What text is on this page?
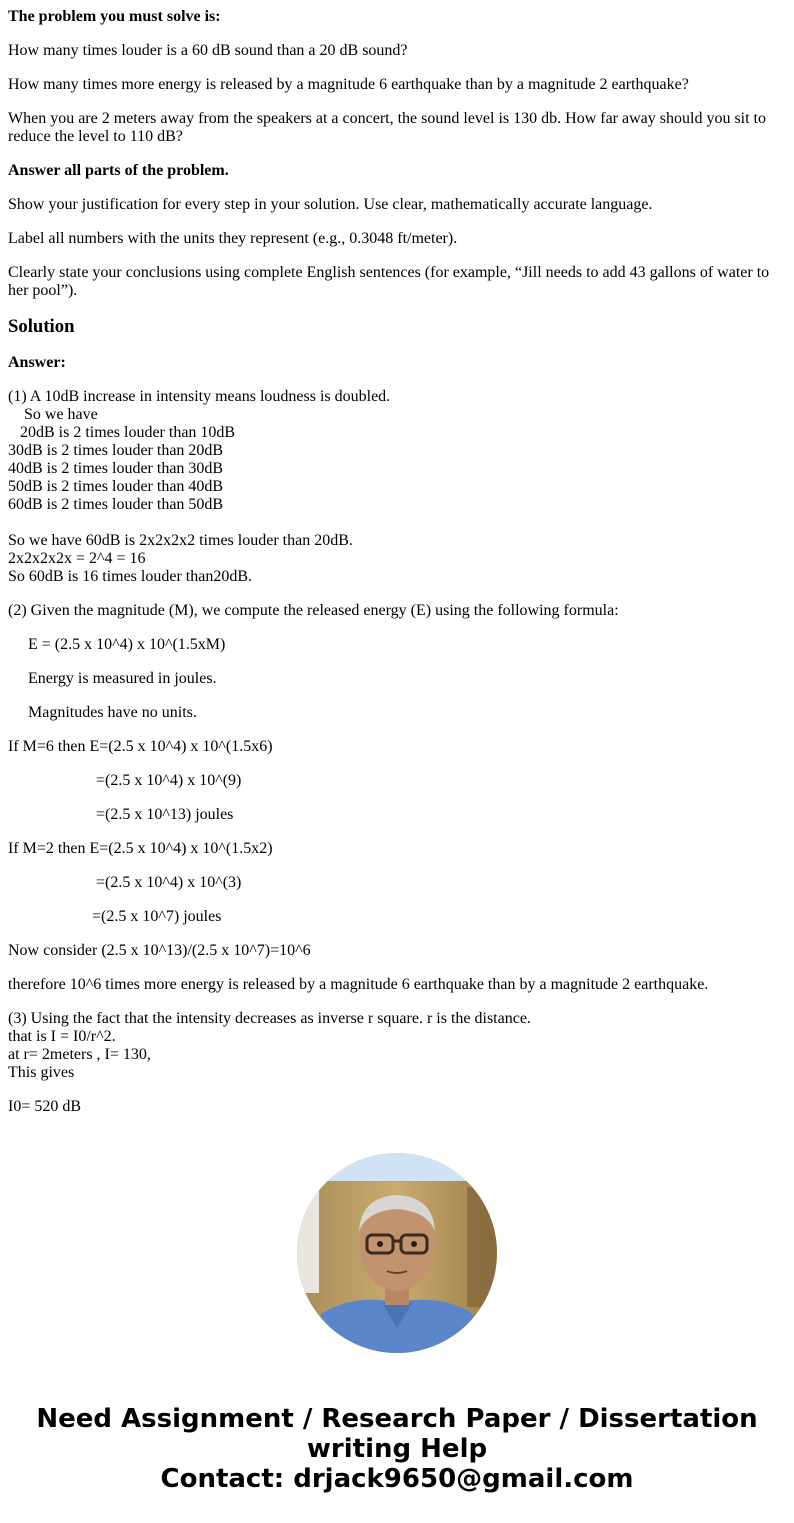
The problem you must solve is:

How many times louder is a 60 dB sound than a 20 dB sound?

How many times more energy is released by a magnitude 6 earthquake than by a magnitude 2 earthquake?

When you are 2 meters away from the speakers at a concert, the sound level is 130 db. How far away should you sit to reduce the level to 110 dB?

Answer all parts of the problem.

Show your justification for every step in your solution. Use clear, mathematically accurate language.

Label all numbers with the units they represent (e.g., 0.3048 ft/meter).

Clearly state your conclusions using complete English sentences (for example, “Jill needs to add 43 gallons of water to her pool”).

Solution

Answer:

(1) A 10dB increase in intensity means loudness is doubled.
So we have
20dB is 2 times louder than 10dB
30dB is 2 times louder than 20dB
40dB is 2 times louder than 30dB
50dB is 2 times louder than 40dB
60dB is 2 times louder than 50dB

So we have 60dB is 2x2x2x2 times louder than 20dB.
2x2x2x2x = 2^4 = 16
So 60dB is 16 times louder than20dB.

(2) Given the magnitude (M), we compute the released energy (E) using the following formula:

E = (2.5 x 10^4) x 10^(1.5xM)

Energy is measured in joules.

Magnitudes have no units.

If M=6 then E=(2.5 x 10^4) x 10^(1.5x6)

=(2.5 x 10^4) x 10^(9)

=(2.5 x 10^13) joules

If M=2 then E=(2.5 x 10^4) x 10^(1.5x2)

=(2.5 x 10^4) x 10^(3)

=(2.5 x 10^7) joules

Now consider (2.5 x 10^13)/(2.5 x 10^7)=10^6

therefore 10^6 times more energy is released by a magnitude 6 earthquake than by a magnitude 2 earthquake.

(3) Using the fact that the intensity decreases as inverse r square. r is the distance.
that is I = I0/r^2.
at r= 2meters , I= 130,
This gives

I0= 520 dB

Need Assignment / Research Paper / Dissertation
writing Help
Contact: drjack9650@gmail.com
